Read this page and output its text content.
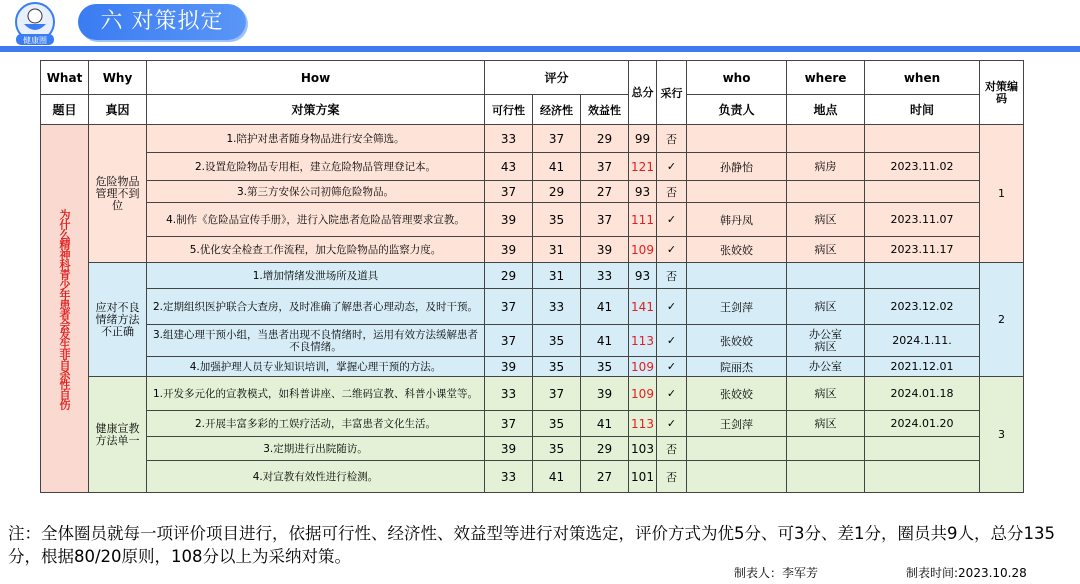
健康圈
六 对策拟定
What	Why	How	评分			总分	采行	who	where	when	对策编码
题目	真因	对策方案	可行性	经济性	效益性			负责人	地点	时间	

为什么精神科青少年患者会发生非自杀性自伤	危险物品管理不到位	1.陪护对患者随身物品进行安全筛选。	33	37	29	99	否				1
		2.设置危险物品专用柜，建立危险物品管理登记本。	43	41	37	121	✓	孙静怡	病房	2023.11.02	
		3.第三方安保公司初筛危险物品。	37	29	27	93	否				
		4.制作《危险品宣传手册》，进行入院患者危险品管理要求宣教。	39	35	37	111	✓	韩丹凤	病区	2023.11.07	
		5.优化安全检查工作流程，加大危险物品的监察力度。	39	31	39	109	✓	张姣姣	病区	2023.11.17	
	应对不良情绪方法不正确	1.增加情绪发泄场所及道具	29	31	33	93	否				2
		2.定期组织医护联合大查房，及时准确了解患者心理动态，及时干预。	37	33	41	141	✓	王剑萍	病区	2023.12.02	
		3.组建心理干预小组，当患者出现不良情绪时，运用有效方法缓解患者不良情绪。	37	35	41	113	✓	张姣姣	办公室病区	2024.1.11.	
		4.加强护理人员专业知识培训，掌握心理干预的方法。	39	35	35	109	✓	院丽杰	办公室	2021.12.01	
	健康宣教方法单一	1.开发多元化的宣教模式，如科普讲座、二维码宣教、科普小课堂等。	33	37	39	109	✓	张姣姣	病区	2024.01.18	3
		2.开展丰富多彩的工娱疗活动，丰富患者文化生活。	37	35	41	113	✓	王剑萍	病区	2024.01.20	
		3.定期进行出院随访。	39	35	29	103	否				
		4.对宣教有效性进行检测。	33	41	27	101	否				
注：全体圈员就每一项评价项目进行，依据可行性、经济性、效益型等进行对策选定，评价方式为优5分、可3分、差1分，圈员共9人，总分135分，根据80/20原则，108分以上为采纳对策。
制表人：李军芳	制表时间:2023.10.28
